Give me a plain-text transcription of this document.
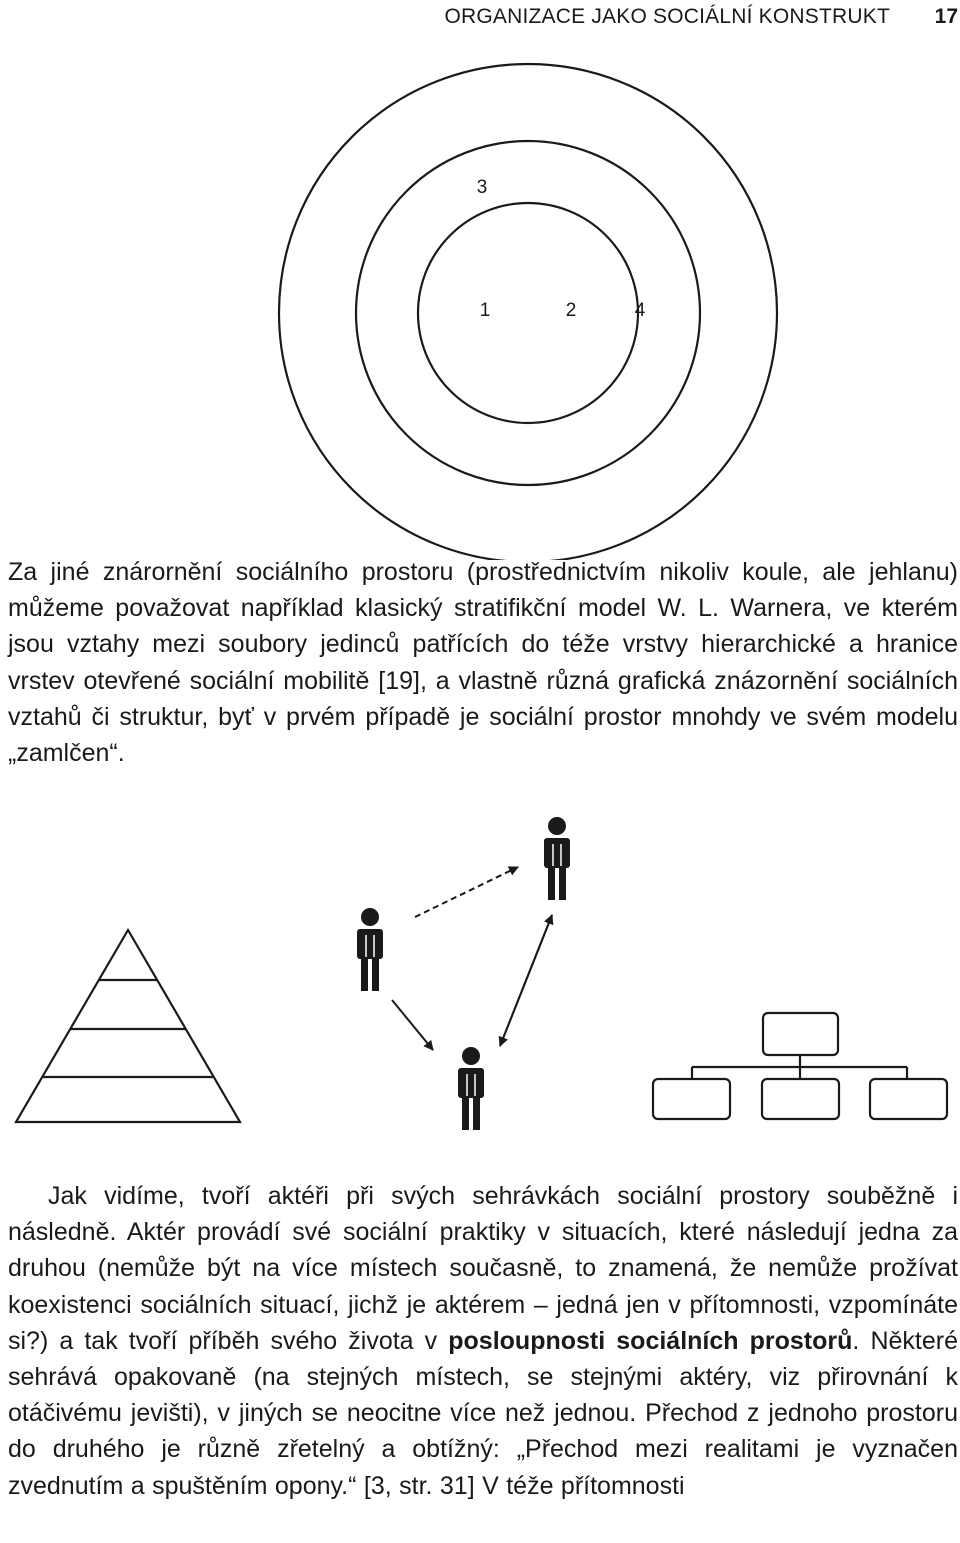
ORGANIZACE JAKO SOCIÁLNÍ KONSTRUKT 17
3
1	2	4

Za jiné znárornění sociálního prostoru (prostřednictvím nikoliv koule, ale jehlanu) můžeme považovat například klasický stratifikční model W. L. Warnera, ve kterém jsou vztahy mezi soubory jedinců patřících do téže vrstvy hierarchické a hranice vrstev otevřené sociální mobilitě [19], a vlastně různá grafická znázornění sociálních vztahů či struktur, byť v prvém případě je sociální prostor mnohdy ve svém modelu „zamlčen“.

Jak vidíme, tvoří aktéři při svých sehrávkách sociální prostory souběžně i následně. Aktér provádí své sociální praktiky v situacích, které následují jedna za druhou (nemůže být na více místech současně, to znamená, že nemůže prožívat koexistenci sociálních situací, jichž je aktérem – jedná jen v přítomnosti, vzpomínáte si?) a tak tvoří příběh svého života v posloupnosti sociálních prostorů. Některé sehrává opakovaně (na stejných místech, se stejnými aktéry, viz přirovnání k otáčivému jevišti), v jiných se neocitne více než jednou. Přechod z jednoho prostoru do druhého je různě zřetelný a obtížný: „Přechod mezi realitami je vyznačen zvednutím a spuštěním opony.“ [3, str. 31] V téže přítomnosti
